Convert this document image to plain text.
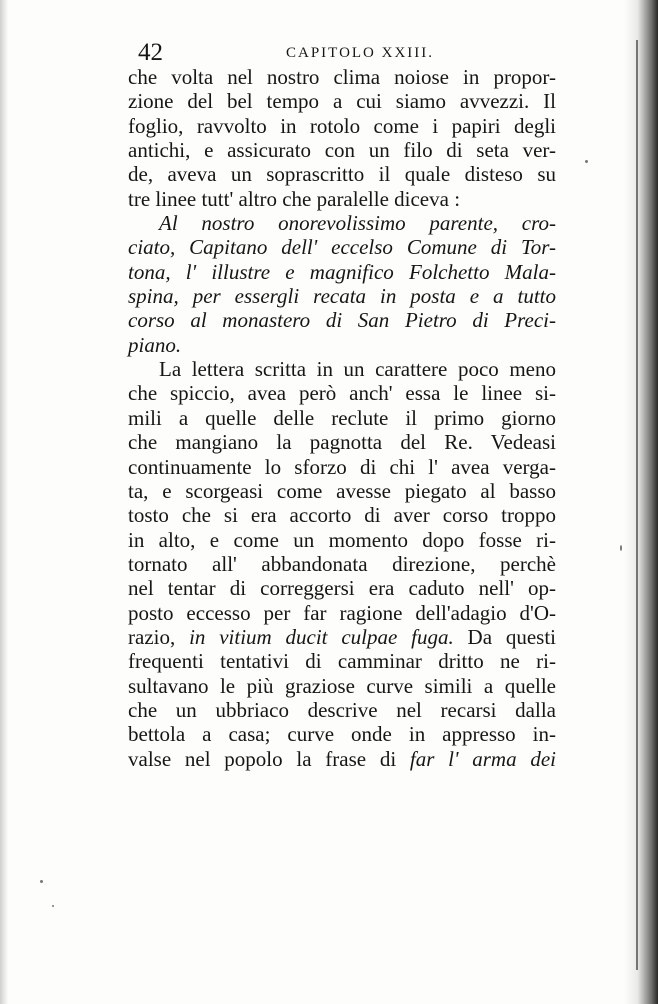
42	CAPITOLO XXIII.
che volta nel nostro clima noiose in propor-
zione del bel tempo a cui siamo avvezzi. Il
foglio, ravvolto in rotolo come i papiri degli
antichi, e assicurato con un filo di seta ver-
de, aveva un soprascritto il quale disteso su
tre linee tutt' altro che paralelle diceva :
Al nostro onorevolissimo parente, cro-
ciato, Capitano dell' eccelso Comune di Tor-
tona, l' illustre e magnifico Folchetto Mala-
spina, per essergli recata in posta e a tutto
corso al monastero di San Pietro di Preci-
piano.
La lettera scritta in un carattere poco meno
che spiccio, avea però anch' essa le linee si-
mili a quelle delle reclute il primo giorno
che mangiano la pagnotta del Re. Vedeasi
continuamente lo sforzo di chi l' avea verga-
ta, e scorgeasi come avesse piegato al basso
tosto che si era accorto di aver corso troppo
in alto, e come un momento dopo fosse ri-
tornato all' abbandonata direzione, perchè
nel tentar di correggersi era caduto nell' op-
posto eccesso per far ragione dell'adagio d'O-
razio, in vitium ducit culpae fuga. Da questi
frequenti tentativi di camminar dritto ne ri-
sultavano le più graziose curve simili a quelle
che un ubbriaco descrive nel recarsi dalla
bettola a casa; curve onde in appresso in-
valse nel popolo la frase di far l' arma dei
